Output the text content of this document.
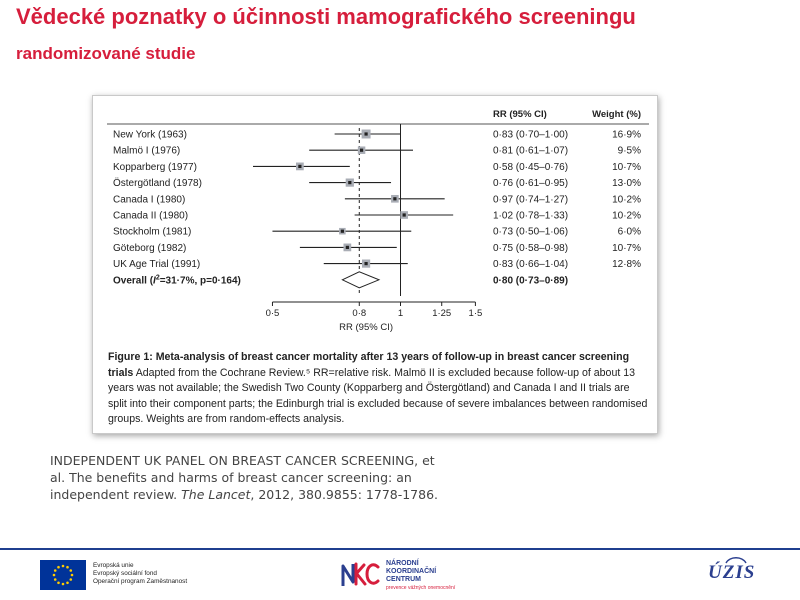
Vědecké poznatky o účinnosti mamografického screeningu
randomizované studie
RR (95% CI)	Weight (%)
New York (1963)	0·83 (0·70–1·00)	16·9%
Malmö I (1976)	0·81 (0·61–1·07)	9·5%
Kopparberg (1977)	0·58 (0·45–0·76)	10·7%
Östergötland (1978)	0·76 (0·61–0·95)	13·0%
Canada I (1980)	0·97 (0·74–1·27)	10·2%
Canada II (1980)	1·02 (0·78–1·33)	10·2%
Stockholm (1981)	0·73 (0·50–1·06)	6·0%
Göteborg (1982)	0·75 (0·58–0·98)	10·7%
UK Age Trial (1991)	0·83 (0·66–1·04)	12·8%
Overall ($I^2=31\cdot 7\%$, p=0·164)	0·80 (0·73–0·89)
0·5	0·8	1	1·25 1·5
RR (95% CI)
Figure 1: Meta-analysis of breast cancer mortality after 13 years of follow-up in breast cancer screening trials Adapted from the Cochrane Review.⁵ RR=relative risk. Malmö II is excluded because follow-up of about 13 years was not available; the Swedish Two County (Kopparberg and Östergötland) and Canada I and II trials are split into their component parts; the Edinburgh trial is excluded because of severe imbalances between randomised groups. Weights are from random-effects analysis.
INDEPENDENT UK PANEL ON BREAST CANCER SCREENING, et al. The benefits and harms of breast cancer screening: an independent review. The Lancet, 2012, 380.9855: 1778-1786.
Evropská unie
Evropský sociální fond
Operační program Zaměstnanost
NÁRODNÍ
KOORDINAČNÍ
CENTRUM
prevence vážných onemocnění
ÚZIS
